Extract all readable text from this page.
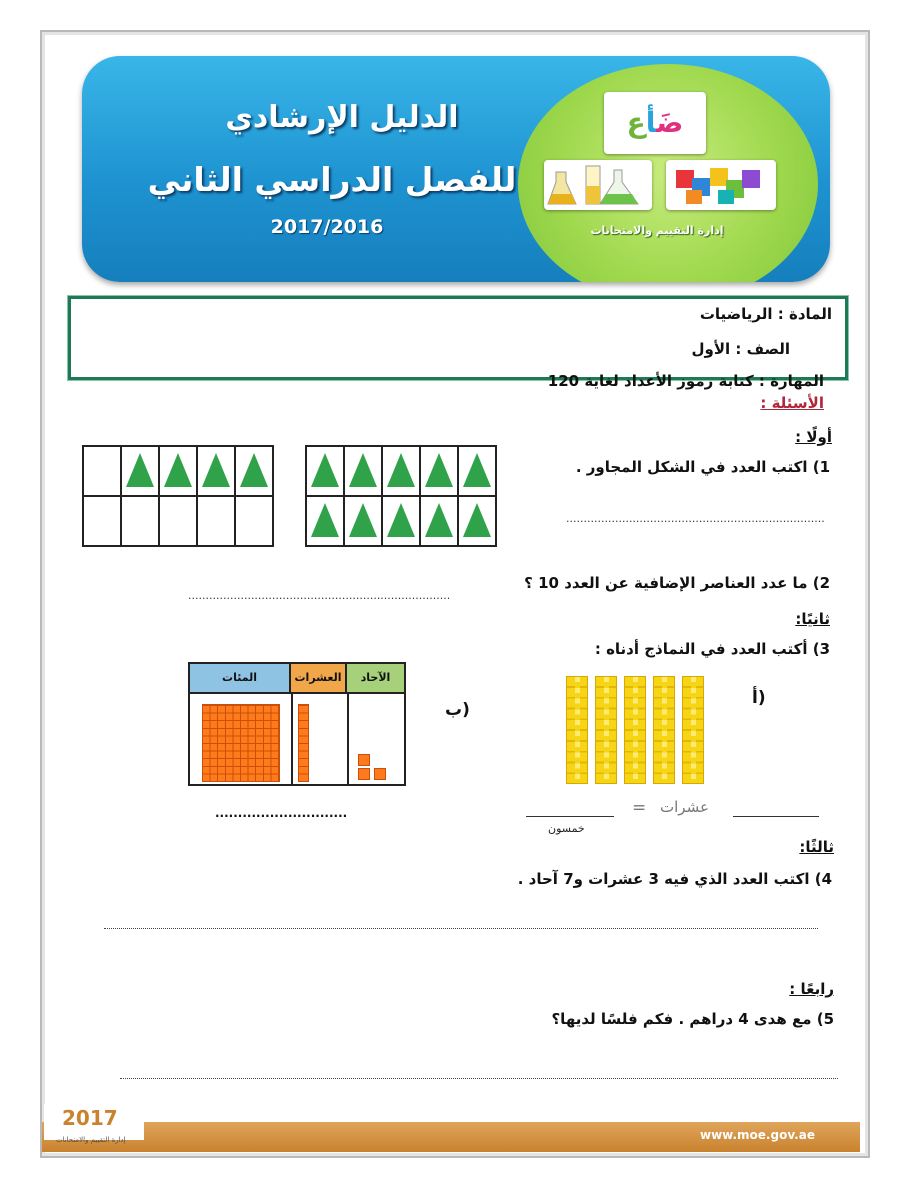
الدليل الإرشادي
للفصل الدراسي الثاني
2017/2016
ضَأع
إدارة التقييم والامتحانات
المادة : الرياضيات
الصف : الأول
المهارة : كتابة رموز الأعداد لغاية 120
الأسئلة :
أولًا :
1) اكتب العدد في الشكل المجاور .
..........................................................................

2) ما عدد العناصر الإضافية عن العدد 10 ؟
...........................................................................
ثانيًا:
3) أكتب العدد في النماذج أدناه :
أ)
ب)
عشرات
=
خمسون
المئات	العشرات	الآحاد
.............................
ثالثًا:
4) اكتب العدد الذي فيه 3 عشرات و7 آحاد .
رابعًا :
5) مع هدى 4 دراهم . فكم فلسًا لديها؟
2017
إدارة التقييم والامتحانات	www.moe.gov.ae
